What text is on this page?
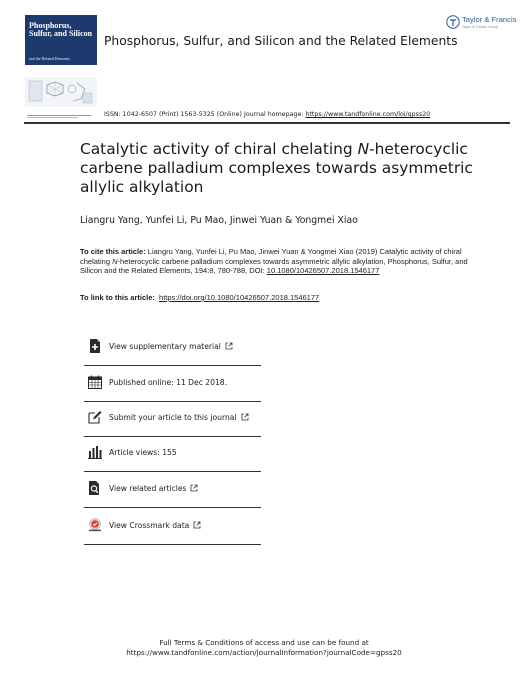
Phosphorus, Sulfur, and Silicon
and the Related Elements
Phosphorus, Sulfur, and Silicon and the Related Elements
Taylor & Francis
Taylor & Francis Group
ISSN: 1042-6507 (Print) 1563-5325 (Online) Journal homepage: https://www.tandfonline.com/loi/gpss20
Catalytic activity of chiral chelating N-heterocyclic carbene palladium complexes towards asymmetric allylic alkylation
Liangru Yang, Yunfei Li, Pu Mao, Jinwei Yuan & Yongmei Xiao
To cite this article: Liangru Yang, Yunfei Li, Pu Mao, Jinwei Yuan & Yongmei Xiao (2019) Catalytic activity of chiral chelating N-heterocyclic carbene palladium complexes towards asymmetric allylic alkylation, Phosphorus, Sulfur, and Silicon and the Related Elements, 194:8, 780-788, DOI: 10.1080/10426507.2018.1546177
To link to this article:  https://doi.org/10.1080/10426507.2018.1546177
View supplementary material
Published online: 11 Dec 2018.
Submit your article to this journal
Article views: 155
View related articles
View Crossmark data
Full Terms & Conditions of access and use can be found at
https://www.tandfonline.com/action/journalInformation?journalCode=gpss20
